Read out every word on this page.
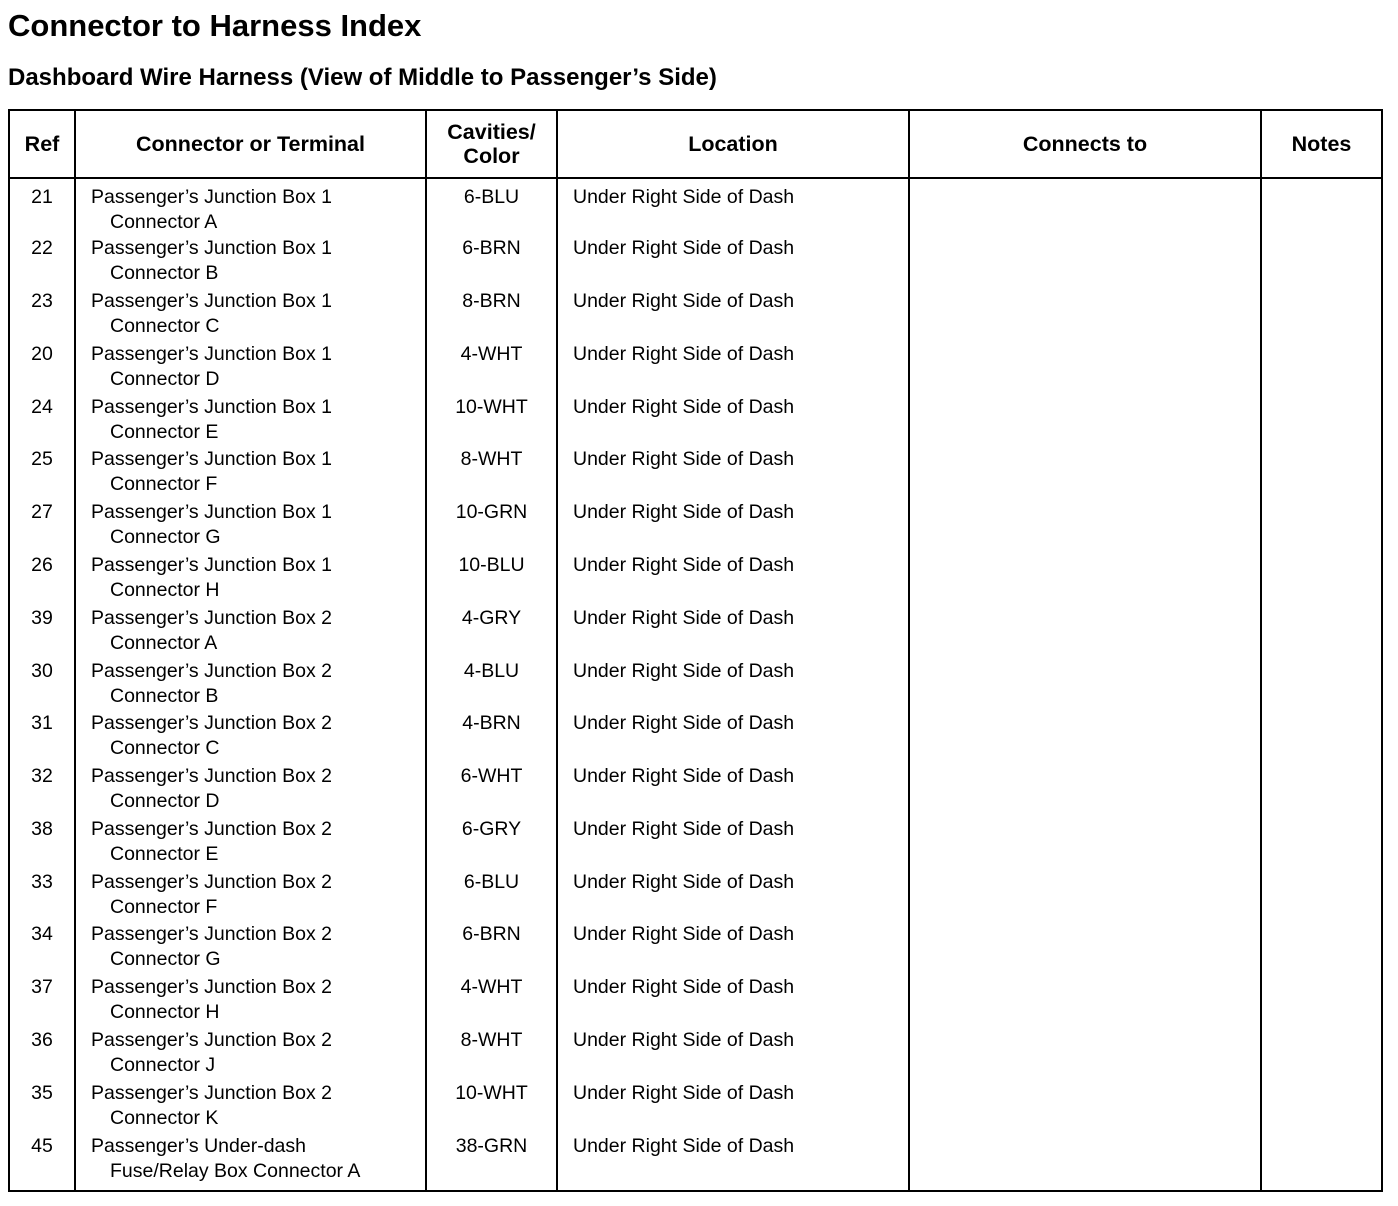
Connector to Harness Index
Dashboard Wire Harness (View of Middle to Passenger’s Side)
Ref	Connector or Terminal	Cavities/
Color	Location	Connects to	Notes
21	Passenger’s Junction Box 1
Connector A	6-BLU	Under Right Side of Dash		
22	Passenger’s Junction Box 1
Connector B	6-BRN	Under Right Side of Dash		
23	Passenger’s Junction Box 1
Connector C	8-BRN	Under Right Side of Dash		
20	Passenger’s Junction Box 1
Connector D	4-WHT	Under Right Side of Dash		
24	Passenger’s Junction Box 1
Connector E	10-WHT	Under Right Side of Dash		
25	Passenger’s Junction Box 1
Connector F	8-WHT	Under Right Side of Dash		
27	Passenger’s Junction Box 1
Connector G	10-GRN	Under Right Side of Dash		
26	Passenger’s Junction Box 1
Connector H	10-BLU	Under Right Side of Dash		
39	Passenger’s Junction Box 2
Connector A	4-GRY	Under Right Side of Dash		
30	Passenger’s Junction Box 2
Connector B	4-BLU	Under Right Side of Dash		
31	Passenger’s Junction Box 2
Connector C	4-BRN	Under Right Side of Dash		
32	Passenger’s Junction Box 2
Connector D	6-WHT	Under Right Side of Dash		
38	Passenger’s Junction Box 2
Connector E	6-GRY	Under Right Side of Dash		
33	Passenger’s Junction Box 2
Connector F	6-BLU	Under Right Side of Dash		
34	Passenger’s Junction Box 2
Connector G	6-BRN	Under Right Side of Dash		
37	Passenger’s Junction Box 2
Connector H	4-WHT	Under Right Side of Dash		
36	Passenger’s Junction Box 2
Connector J	8-WHT	Under Right Side of Dash		
35	Passenger’s Junction Box 2
Connector K	10-WHT	Under Right Side of Dash		
45	Passenger’s Under-dash
Fuse/Relay Box Connector A	38-GRN	Under Right Side of Dash		
